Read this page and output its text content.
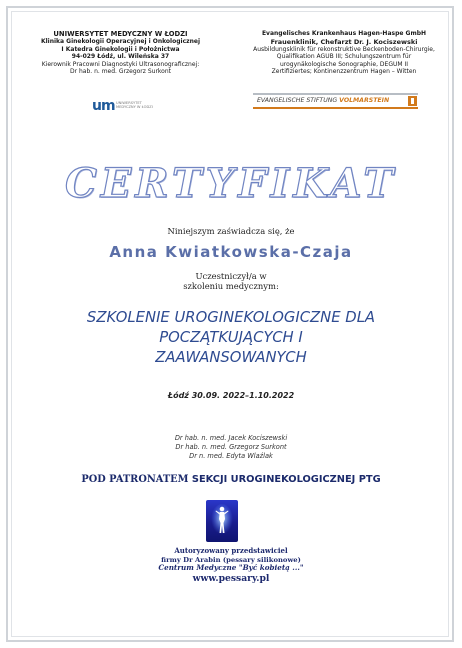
UNIWERSYTET MEDYCZNY W ŁODZI
Klinika Ginekologii Operacyjnej i Onkologicznej
I Katedra Ginekologii i Położnictwa
94-029 Łódź, ul. Wileńska 37
Kierownik Pracowni Diagnostyki Ultrasonograficznej:
Dr hab. n. med. Grzegorz Surkont
um UNIWERSYTET MEDYCZNY W ŁODZI
Evangelisches Krankenhaus Hagen-Haspe GmbH
Frauenklinik, Chefarzt Dr. J. Kociszewski
Ausbildungsklinik für rekonstruktive Beckenboden-Chirurgie,
Qualifikation AGUB III; Schulungszentrum für
urogynäkologische Sonographie, DEGUM II
Zertifiziertes; Kontinenzzentrum Hagen – Witten
EVANGELISCHE STIFTUNG VOLMARSTEIN
CERTYFIKAT
Niniejszym zaświadcza się, że
Anna Kwiatkowska-Czaja
Uczestniczył/a w
szkoleniu medycznym:
SZKOLENIE UROGINEKOLOGICZNE DLA
POCZĄTKUJĄCYCH I
ZAAWANSOWANYCH
Łódź 30.09. 2022–1.10.2022
Dr hab. n. med. Jacek Kociszewski
Dr hab. n. med. Grzegorz Surkont
Dr n. med. Edyta Wlaźlak
POD PATRONATEM SEKCJI UROGINEKOLOGICZNEJ PTG
Autoryzowany przedstawiciel
firmy Dr Arabin (pessary silikonowe)
Centrum Medyczne "Być kobietą ..."
www.pessary.pl
